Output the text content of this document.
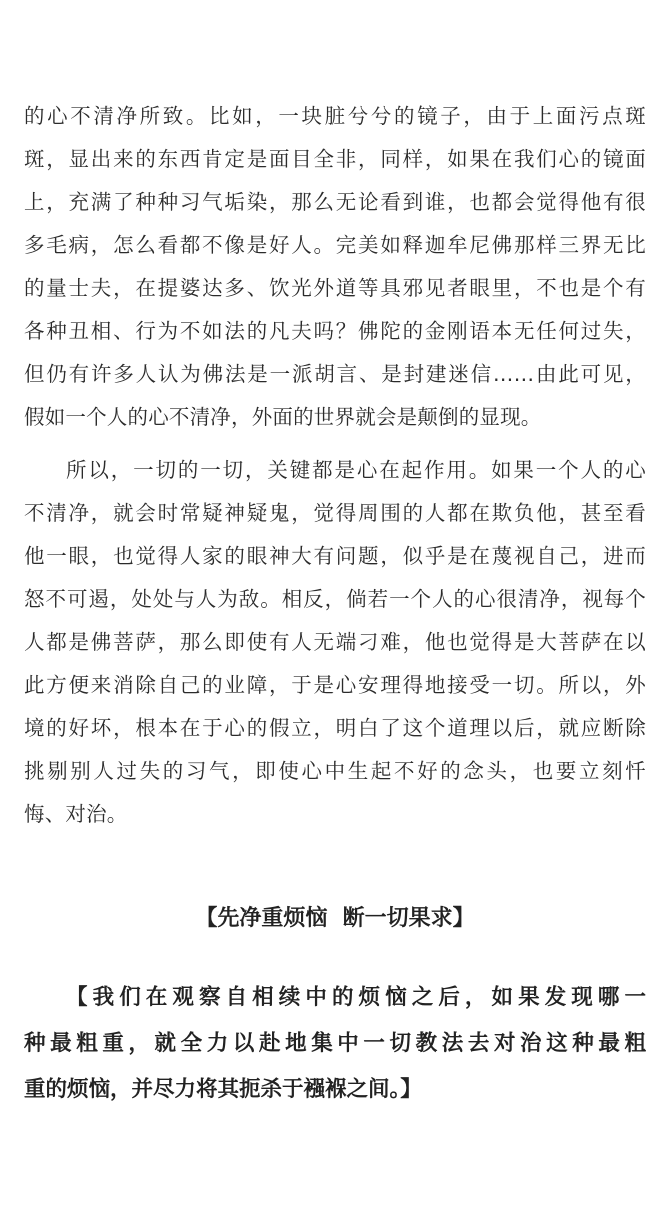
的心不清净所致。比如，一块脏兮兮的镜子，由于上面污点斑
斑，显出来的东西肯定是面目全非，同样，如果在我们心的镜面
上，充满了种种习气垢染，那么无论看到谁，也都会觉得他有很
多毛病，怎么看都不像是好人。完美如释迦牟尼佛那样三界无比
的量士夫，在提婆达多、饮光外道等具邪见者眼里，不也是个有
各种丑相、行为不如法的凡夫吗？佛陀的金刚语本无任何过失，
但仍有许多人认为佛法是一派胡言、是封建迷信……由此可见，
假如一个人的心不清净，外面的世界就会是颠倒的显现。
所以，一切的一切，关键都是心在起作用。如果一个人的心
不清净，就会时常疑神疑鬼，觉得周围的人都在欺负他，甚至看
他一眼，也觉得人家的眼神大有问题，似乎是在蔑视自己，进而
怒不可遏，处处与人为敌。相反，倘若一个人的心很清净，视每个
人都是佛菩萨，那么即使有人无端刁难，他也觉得是大菩萨在以
此方便来消除自己的业障，于是心安理得地接受一切。所以，外
境的好坏，根本在于心的假立，明白了这个道理以后，就应断除
挑剔别人过失的习气，即使心中生起不好的念头，也要立刻忏
悔、对治。
【先净重烦恼  断一切果求】
【我们在观察自相续中的烦恼之后，如果发现哪一
种最粗重，就全力以赴地集中一切教法去对治这种最粗
重的烦恼，并尽力将其扼杀于襁褓之间。】
